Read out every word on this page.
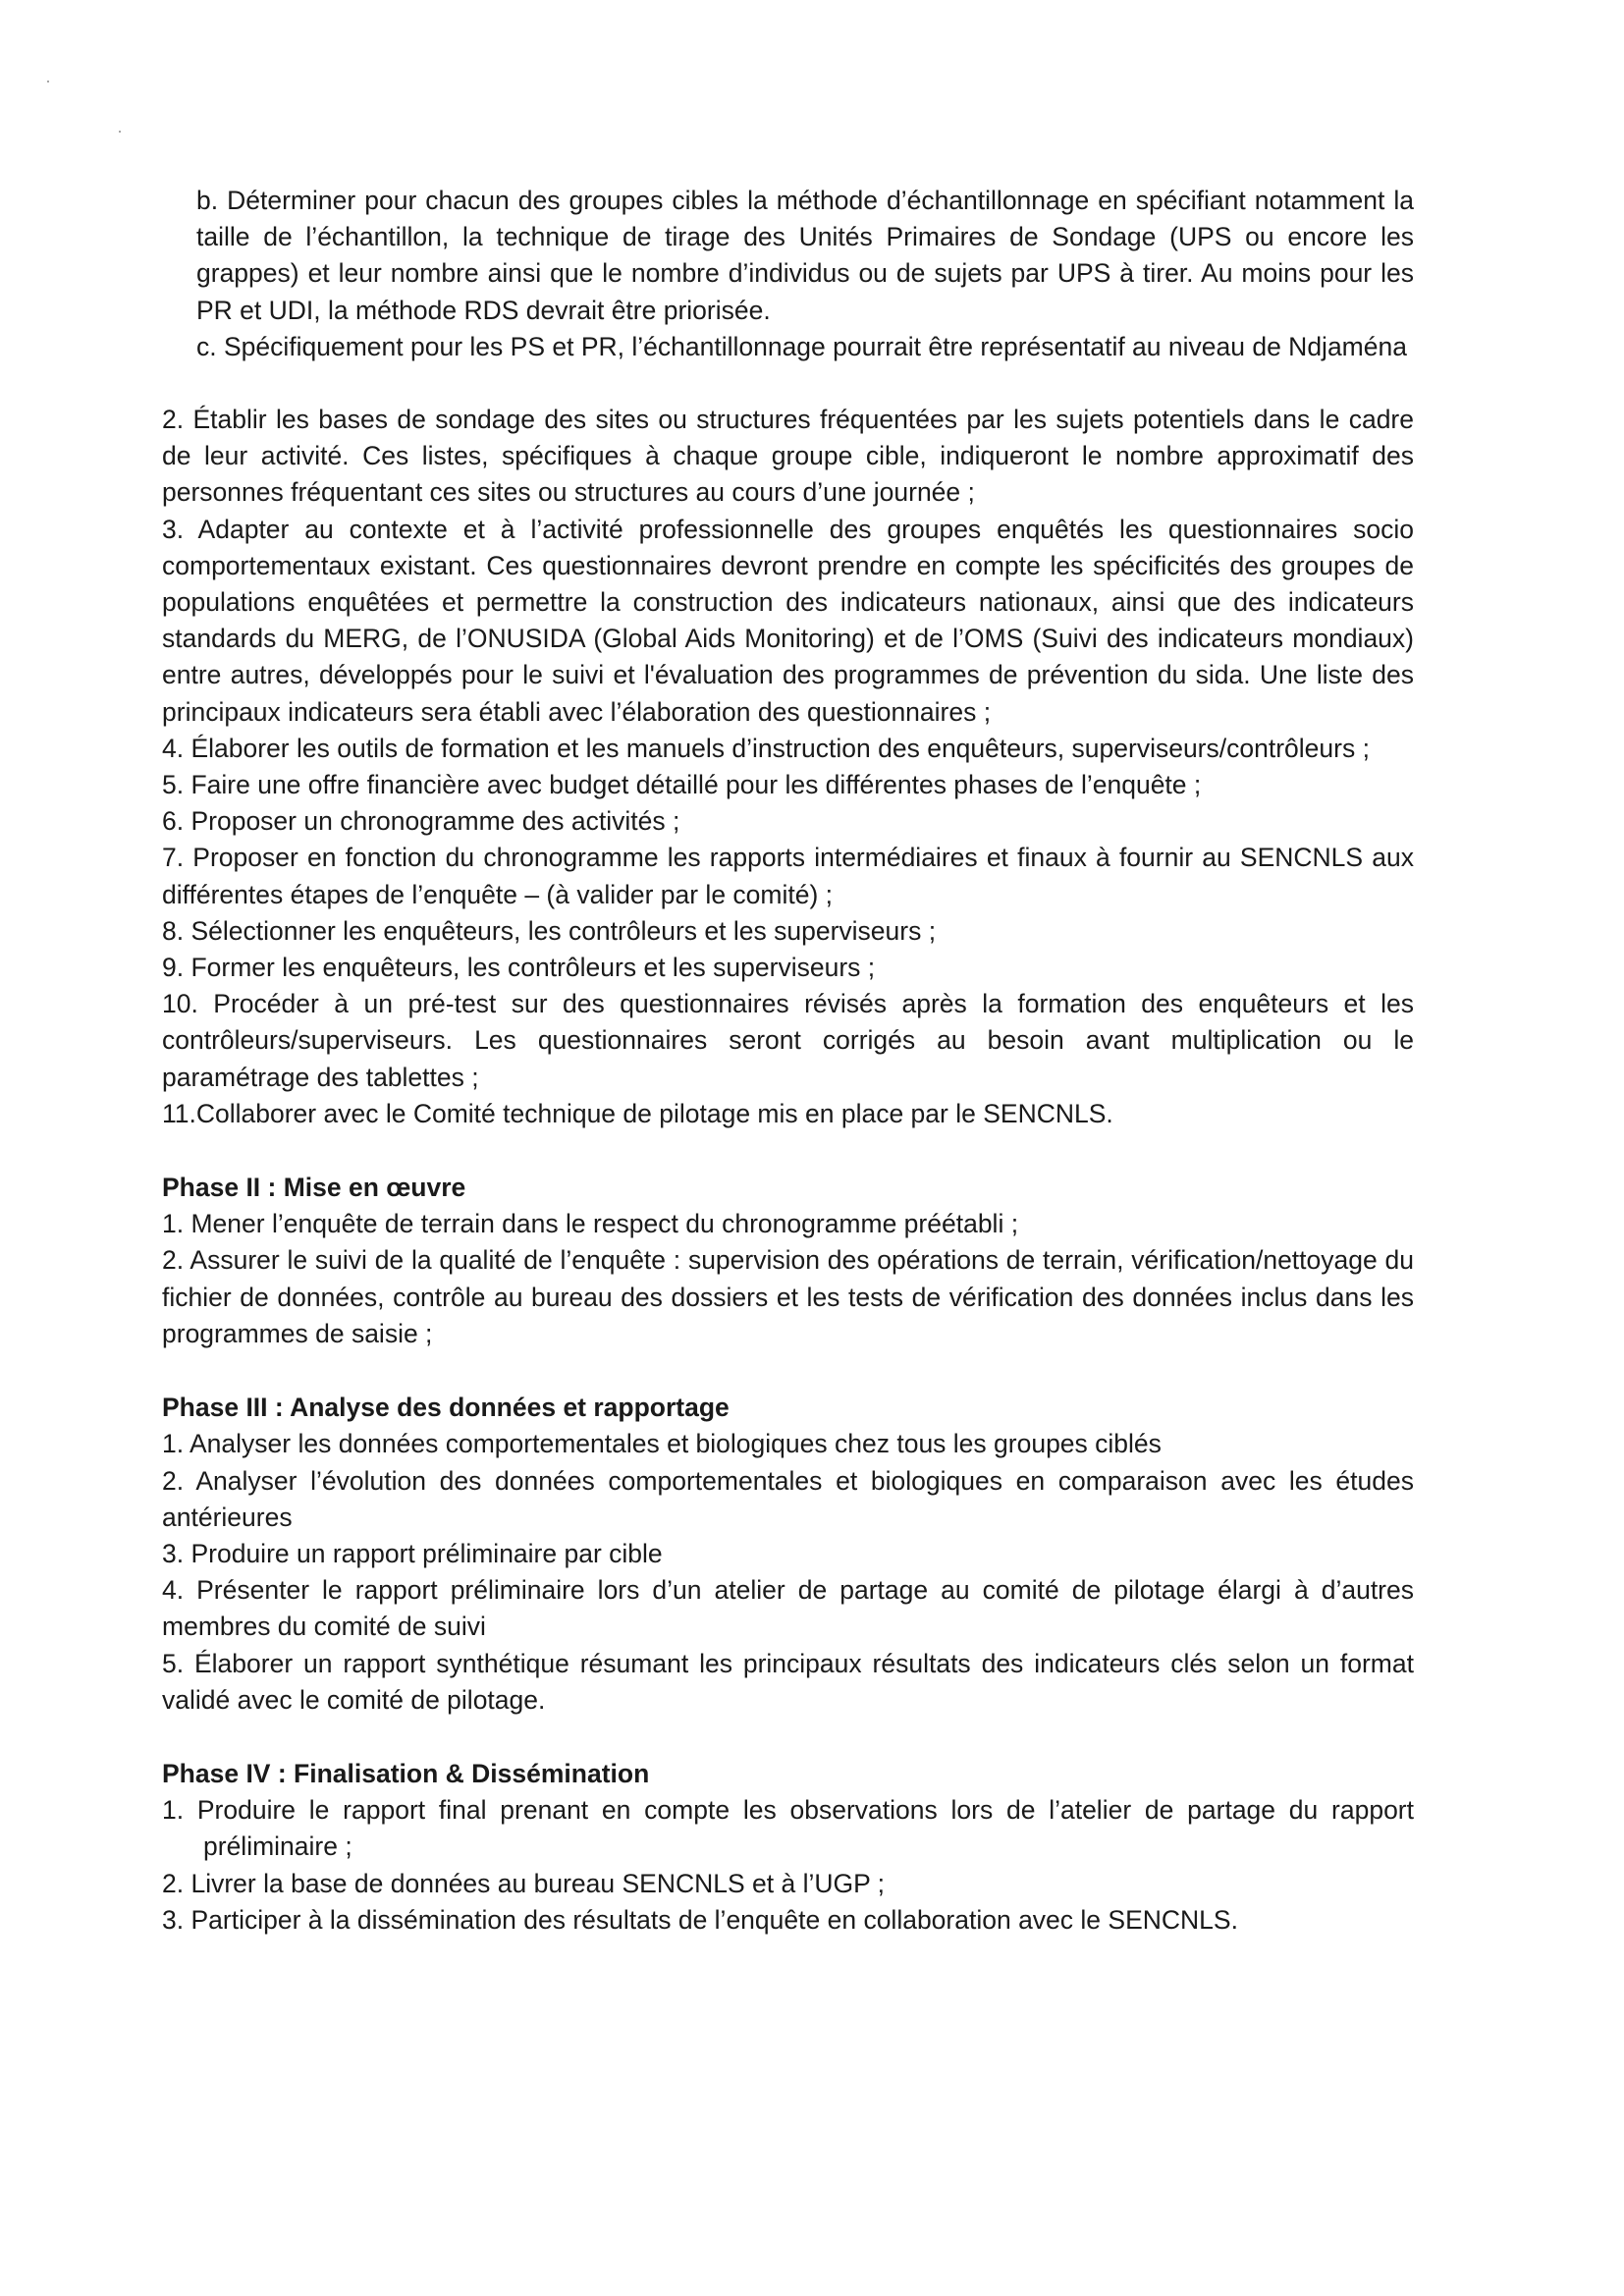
b. Déterminer pour chacun des groupes cibles la méthode d’échantillonnage en spécifiant notamment la taille de l’échantillon, la technique de tirage des Unités Primaires de Sondage (UPS ou encore les grappes) et leur nombre ainsi que le nombre d’individus ou de sujets par UPS à tirer. Au moins pour les PR et UDI, la méthode RDS devrait être priorisée.

c. Spécifiquement pour les PS et PR, l’échantillonnage pourrait être représentatif au niveau de Ndjaména

2. Établir les bases de sondage des sites ou structures fréquentées par les sujets potentiels dans le cadre de leur activité. Ces listes, spécifiques à chaque groupe cible, indiqueront le nombre approximatif des personnes fréquentant ces sites ou structures au cours d’une journée ;

3. Adapter au contexte et à l’activité professionnelle des groupes enquêtés les questionnaires socio comportementaux existant. Ces questionnaires devront prendre en compte les spécificités des groupes de populations enquêtées et permettre la construction des indicateurs nationaux, ainsi que des indicateurs standards du MERG, de l’ONUSIDA (Global Aids Monitoring) et de l’OMS (Suivi des indicateurs mondiaux) entre autres, développés pour le suivi et l'évaluation des programmes de prévention du sida. Une liste des principaux indicateurs sera établi avec l’élaboration des questionnaires ;

4. Élaborer les outils de formation et les manuels d’instruction des enquêteurs, superviseurs/contrôleurs ;

5. Faire une offre financière avec budget détaillé pour les différentes phases de l’enquête ;

6. Proposer un chronogramme des activités ;

7. Proposer en fonction du chronogramme les rapports intermédiaires et finaux à fournir au SENCNLS aux différentes étapes de l’enquête – (à valider par le comité) ;

8. Sélectionner les enquêteurs, les contrôleurs et les superviseurs ;

9. Former les enquêteurs, les contrôleurs et les superviseurs ;

10. Procéder à un pré-test sur des questionnaires révisés après la formation des enquêteurs et les contrôleurs/superviseurs. Les questionnaires seront corrigés au besoin avant multiplication ou le paramétrage des tablettes ;

11.Collaborer avec le Comité technique de pilotage mis en place par le SENCNLS.

Phase II : Mise en œuvre

1. Mener l’enquête de terrain dans le respect du chronogramme préétabli ;

2. Assurer le suivi de la qualité de l’enquête : supervision des opérations de terrain, vérification/nettoyage du fichier de données, contrôle au bureau des dossiers et les tests de vérification des données inclus dans les programmes de saisie ;

Phase III : Analyse des données et rapportage

1. Analyser les données comportementales et biologiques chez tous les groupes ciblés

2. Analyser l’évolution des données comportementales et biologiques en comparaison avec les études antérieures

3. Produire un rapport préliminaire par cible

4. Présenter le rapport préliminaire lors d’un atelier de partage au comité de pilotage élargi à d’autres membres du comité de suivi

5. Élaborer un rapport synthétique résumant les principaux résultats des indicateurs clés selon un format validé avec le comité de pilotage.

Phase IV : Finalisation & Dissémination

1. Produire le rapport final prenant en compte les observations lors de l’atelier de partage du rapport préliminaire ;

2. Livrer la base de données au bureau SENCNLS et à l’UGP ;

3. Participer à la dissémination des résultats de l’enquête en collaboration avec le SENCNLS.
